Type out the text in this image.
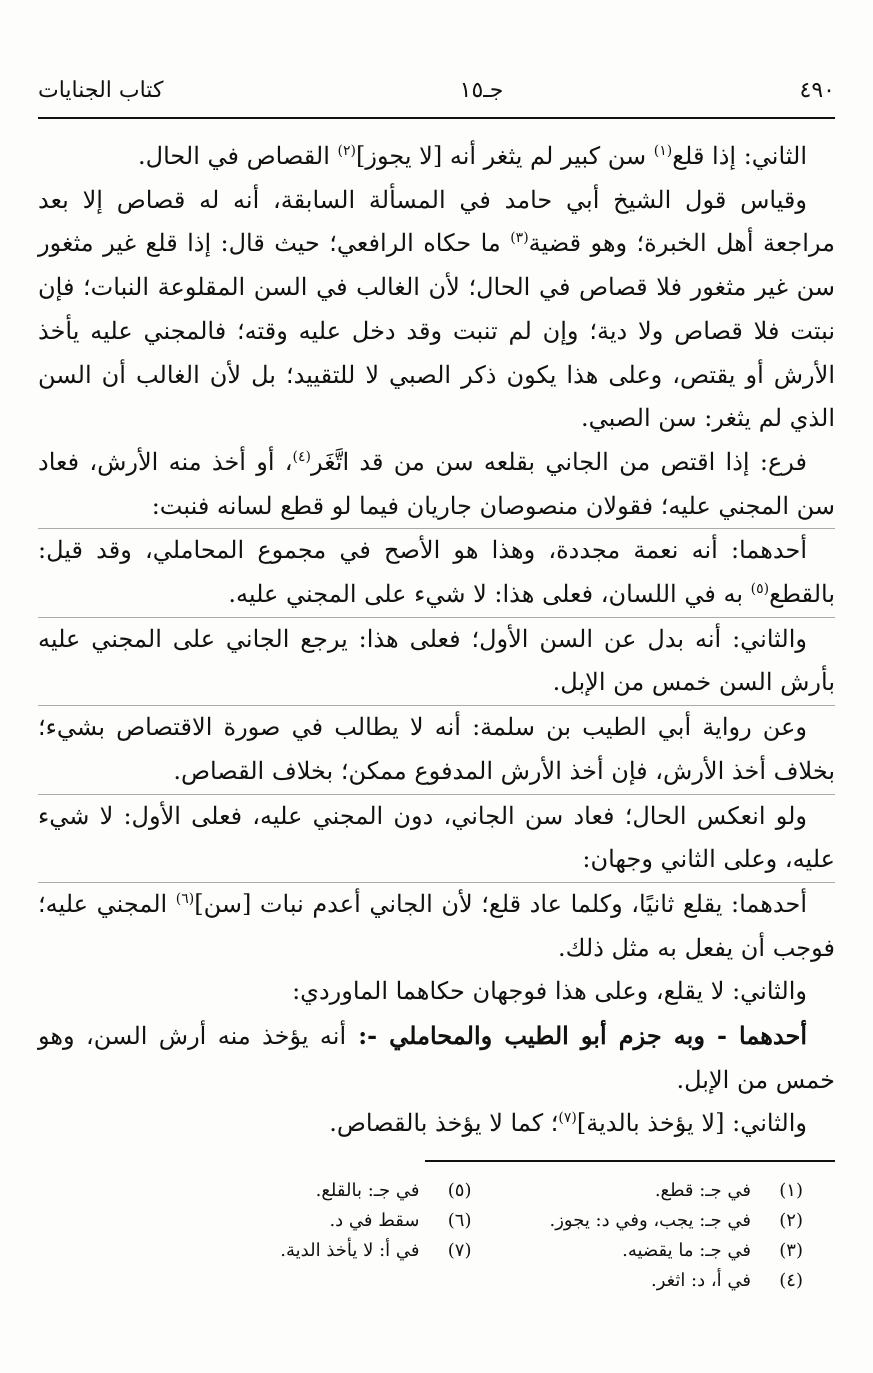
٤٩٠
جـ١٥
كتاب الجنايات

الثاني: إذا قلع$^{(١)}$ سن كبير لم يثغر أنه [لا يجوز]$^{(٢)}$ القصاص في الحال.

وقياس قول الشيخ أبي حامد في المسألة السابقة، أنه له قصاص إلا بعد مراجعة أهل الخبرة؛ وهو قضية$^{(٣)}$ ما حكاه الرافعي؛ حيث قال: إذا قلع غير مثغور سن غير مثغور فلا قصاص في الحال؛ لأن الغالب في السن المقلوعة النبات؛ فإن نبتت فلا قصاص ولا دية؛ وإن لم تنبت وقد دخل عليه وقته؛ فالمجني عليه يأخذ الأرش أو يقتص، وعلى هذا يكون ذكر الصبي لا للتقييد؛ بل لأن الغالب أن السن الذي لم يثغر: سن الصبي.

فرع: إذا اقتص من الجاني بقلعه سن من قد اتَّغَر$^{(٤)}$، أو أخذ منه الأرش، فعاد سن المجني عليه؛ فقولان منصوصان جاريان فيما لو قطع لسانه فنبت:

أحدهما: أنه نعمة مجددة، وهذا هو الأصح في مجموع المحاملي، وقد قيل: بالقطع$^{(٥)}$ به في اللسان، فعلى هذا: لا شيء على المجني عليه.

والثاني: أنه بدل عن السن الأول؛ فعلى هذا: يرجع الجاني على المجني عليه بأرش السن خمس من الإبل.

وعن رواية أبي الطيب بن سلمة: أنه لا يطالب في صورة الاقتصاص بشيء؛ بخلاف أخذ الأرش، فإن أخذ الأرش المدفوع ممكن؛ بخلاف القصاص.

ولو انعكس الحال؛ فعاد سن الجاني، دون المجني عليه، فعلى الأول: لا شيء عليه، وعلى الثاني وجهان:

أحدهما: يقلع ثانيًا، وكلما عاد قلع؛ لأن الجاني أعدم نبات [سن]$^{(٦)}$ المجني عليه؛ فوجب أن يفعل به مثل ذلك.

والثاني: لا يقلع، وعلى هذا فوجهان حكاهما الماوردي:

أحدهما - وبه جزم أبو الطيب والمحاملي -: أنه يؤخذ منه أرش السن، وهو خمس من الإبل.

والثاني: [لا يؤخذ بالدية]$^{(٧)}$؛ كما لا يؤخذ بالقصاص.

(١)
في جـ: قطع.
(٢)
في جـ: يجب، وفي د: يجوز.
(٣)
في جـ: ما يقضيه.
(٤)
في أ، د: اثغر.
(٥)
في جـ: بالقلع.
(٦)
سقط في د.
(٧)
في أ: لا يأخذ الدية.
